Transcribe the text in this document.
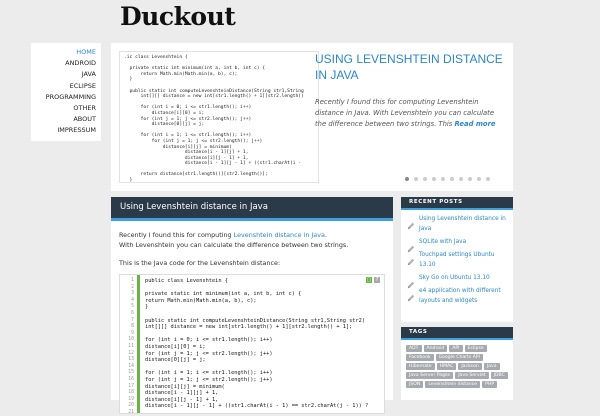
Duckout
HOME
ANDROID
JAVA
ECLIPSE
PROGRAMMING
OTHER
ABOUT
IMPRESSUM
.ic class Levenshtein {

private static int minimum(int a, int b, int c) {
return Math.min(Math.min(a, b), c);
}

public static int computeLevenshteinDistance(String str1,String
int[][] distance = new int[str1.length() + 1][str2.length()

for (int i = 0; i <= str1.length(); i++)
distance[i][0] = i;
for (int j = 1; j <= str2.length(); j++)
distance[0][j] = j;

for (int i = 1; i <= str1.length(); i++)
for (int j = 1; j <= str2.length(); j++)
distance[i][j] = minimum(
distance[i - 1][j] + 1,
distance[i][j - 1] + 1,
distance[i - 1][j - 1] + ((str1.charAt(i -

return distance[str1.length()][str2.length()];
}
USING LEVENSHTEIN DISTANCE IN JAVA
Recently I found this for computing Levenshtein distance in Java. With Levenshtein you can calculate the difference between two strings. This Read more
Using Levenshtein distance in Java

Recently I found this for computing Levenshtein distance in Java.

With Levenshtein you can calculate the difference between two strings.

This is the Java code for the Levenshtein distance:

1
2
3
4
5
6
7
8
9
10
11
12
13
14
15
16
17
18
19
20
21
public class Levenshtein {

private static int minimum(int a, int b, int c) {
return Math.min(Math.min(a, b), c);
}

public static int computeLevenshteinDistance(String str1,String str2)
int[][] distance = new int[str1.length() + 1][str2.length() + 1];

for (int i = 0; i <= str1.length(); i++)
distance[i][0] = i;
for (int j = 1; j <= str2.length(); j++)
distance[0][j] = j;

for (int i = 1; i <= str1.length(); i++)
for (int j = 1; j <= str2.length(); j++)
distance[i][j] = minimum(
distance[i - 1][j] + 1,
distance[i][j - 1] + 1,
distance[i - 1][j - 1] + ((str1.charAt(i - 1) == str2.charAt(j - 1)) ?

▢ ?
RECENT POSTS
Using Levenshtein distance in Java
SQLite with Java
Touchpad settings Ubuntu 13.10
Sky Go on Ubuntu 13.10
e4 application with different layouts and widgets
TAGS
ADT	Android	API	Eclipse
Facebook	Google Charts API
Hibernate	HMAC	Jackson	Java
Java Server Pages	Java Servlet	JDBC
JSON	Levenshtein distance	PHP
